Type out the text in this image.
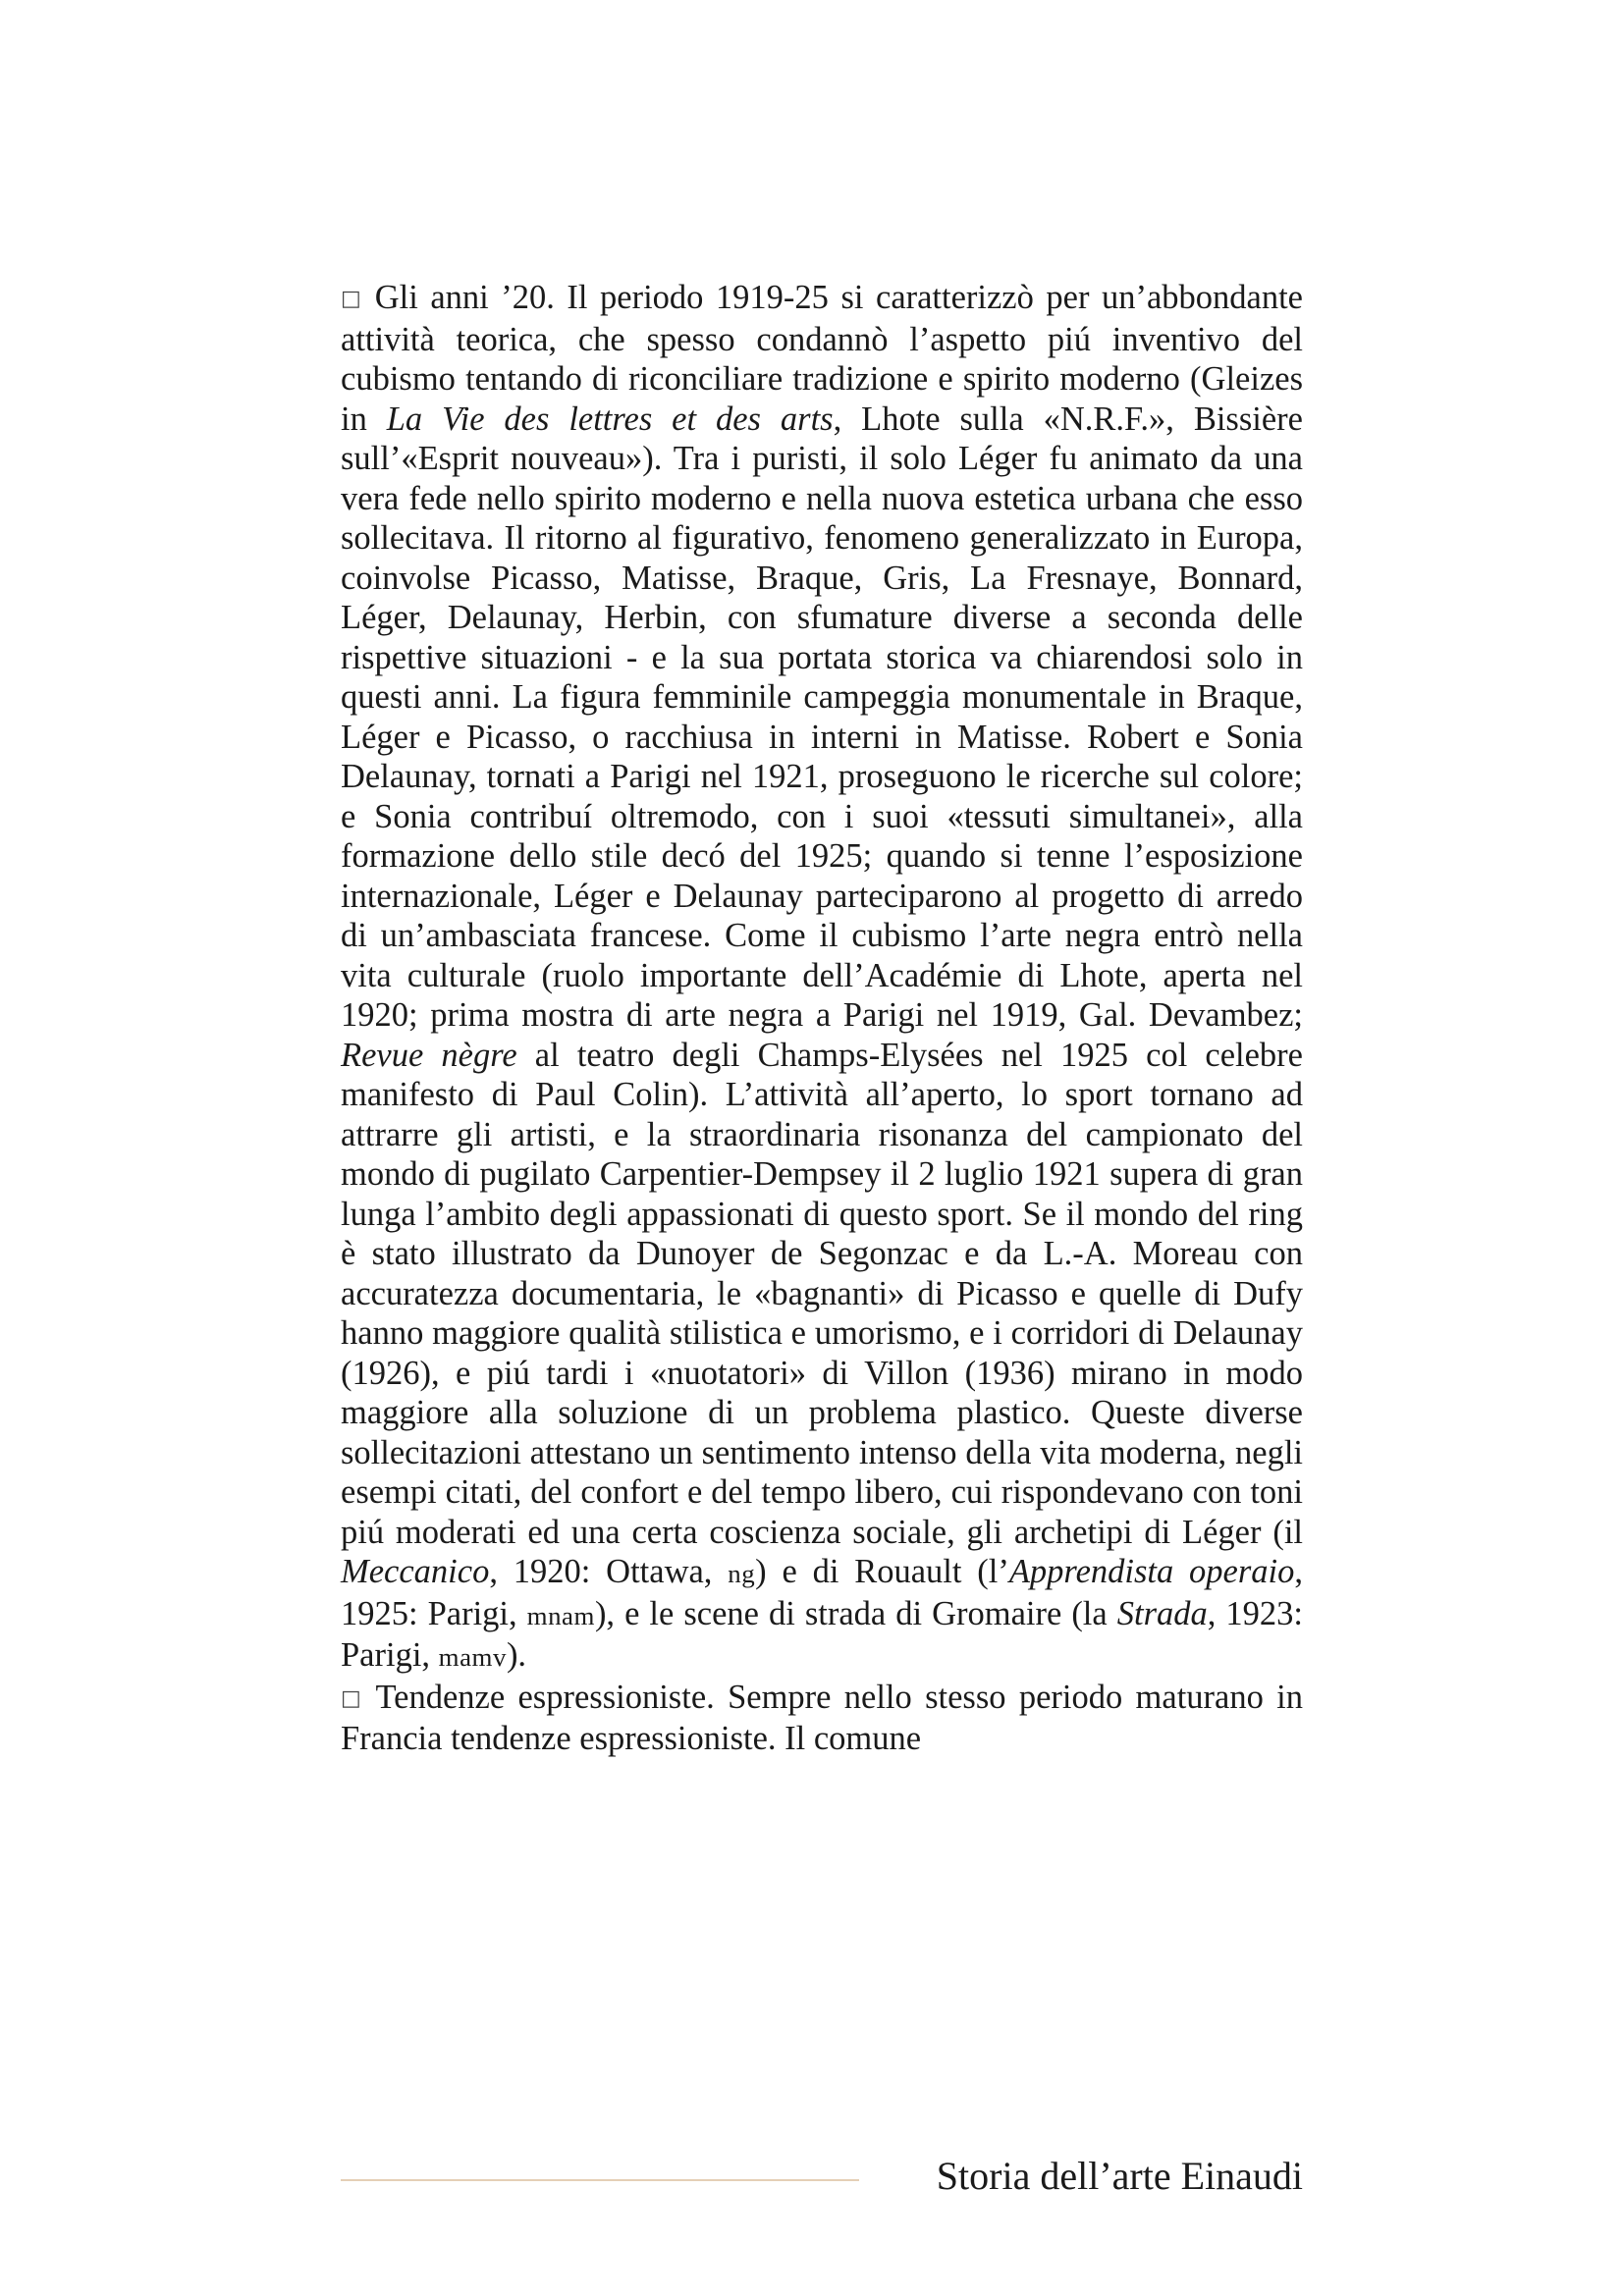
□ Gli anni ’20. Il periodo 1919-25 si caratterizzò per un’abbondante attività teorica, che spesso condannò l’aspetto piú inventivo del cubismo tentando di riconciliare tradizione e spirito moderno (Gleizes in La Vie des lettres et des arts, Lhote sulla «N.R.F.», Bissière sull’«Esprit nouveau»). Tra i puristi, il solo Léger fu animato da una vera fede nello spirito moderno e nella nuova estetica urbana che esso sollecitava. Il ritorno al figurativo, fenomeno generalizzato in Europa, coinvolse Picasso, Matisse, Braque, Gris, La Fresnaye, Bonnard, Léger, Delaunay, Herbin, con sfumature diverse a seconda delle rispettive situazioni - e la sua portata storica va chiarendosi solo in questi anni. La figura femminile campeggia monumentale in Braque, Léger e Picasso, o racchiusa in interni in Matisse. Robert e Sonia Delaunay, tornati a Parigi nel 1921, proseguono le ricerche sul colore; e Sonia contribuí oltremodo, con i suoi «tessuti simultanei», alla formazione dello stile decó del 1925; quando si tenne l’esposizione internazionale, Léger e Delaunay parteciparono al progetto di arredo di un’ambasciata francese. Come il cubismo l’arte negra entrò nella vita culturale (ruolo importante dell’Académie di Lhote, aperta nel 1920; prima mostra di arte negra a Parigi nel 1919, Gal. Devambez; Revue nègre al teatro degli Champs-Elysées nel 1925 col celebre manifesto di Paul Colin). L’attività all’aperto, lo sport tornano ad attrarre gli artisti, e la straordinaria risonanza del campionato del mondo di pugilato Carpentier-Dempsey il 2 luglio 1921 supera di gran lunga l’ambito degli appassionati di questo sport. Se il mondo del ring è stato illustrato da Dunoyer de Segonzac e da L.-A. Moreau con accuratezza documentaria, le «bagnanti» di Picasso e quelle di Dufy hanno maggiore qualità stilistica e umorismo, e i corridori di Delaunay (1926), e piú tardi i «nuotatori» di Villon (1936) mirano in modo maggiore alla soluzione di un problema plastico. Queste diverse sollecitazioni attestano un sentimento intenso della vita moderna, negli esempi citati, del confort e del tempo libero, cui rispondevano con toni piú moderati ed una certa coscienza sociale, gli archetipi di Léger (il Meccanico, 1920: Ottawa, ng) e di Rouault (l’Apprendista operaio, 1925: Parigi, mnam), e le scene di strada di Gromaire (la Strada, 1923: Parigi, mamv).

□ Tendenze espressioniste. Sempre nello stesso periodo maturano in Francia tendenze espressioniste. Il comune

Storia dell’arte Einaudi
